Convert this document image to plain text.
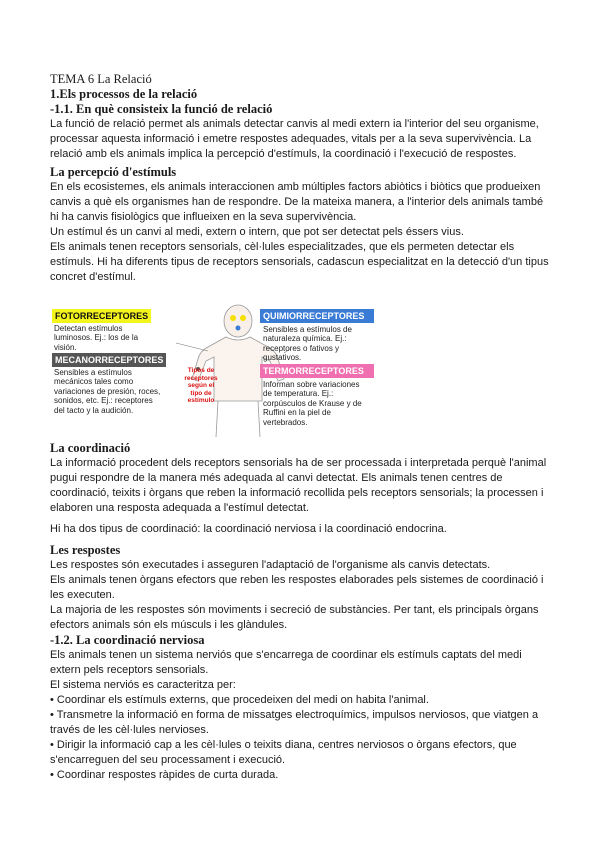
TEMA 6 La Relació
1.Els processos de la relació
-1.1. En què consisteix la funció de relació

La funció de relació permet als animals detectar canvis al medi extern ia l'interior del seu organisme,

processar aquesta informació i emetre respostes adequades, vitals per a la seva supervivència. La

relació amb els animals implica la percepció d'estímuls, la coordinació i l'execució de respostes.

La percepció d'estímuls

En els ecosistemes, els animals interaccionen amb múltiples factors abiòtics i biòtics que produeixen

canvis a què els organismes han de respondre. De la mateixa manera, a l'interior dels animals també

hi ha canvis fisiològics que influeixen en la seva supervivència.

Un estímul és un canvi al medi, extern o intern, que pot ser detectat pels éssers vius.

Els animals tenen receptors sensorials, cèl·lules especialitzades, que els permeten detectar els

estímuls. Hi ha diferents tipus de receptors sensorials, cadascun especialitzat en la detecció d'un tipus

concret d'estímul.

FOTORRECEPTORES
Detectan estímulos
luminosos. Ej.: los de la
visión.
MECANORRECEPTORES
Sensibles a estímulos
mecánicos tales como
variaciones de presión, roces,
sonidos, etc. Ej.: receptores
del tacto y la audición.
Tipos de
receptores
según el
tipo de
estímulo
QUIMIORRECEPTORES
Sensibles a estímulos de
naturaleza química. Ej.:
receptores o fativos y
gustativos.
TERMORRECEPTORES
Informan sobre variaciones
de temperatura. Ej.:
corpúsculos de Krause y de
Ruffini en la piel de
vertebrados.
La coordinació

La informació procedent dels receptors sensorials ha de ser processada i interpretada perquè l'animal

pugui respondre de la manera més adequada al canvi detectat. Els animals tenen centres de

coordinació, teixits i òrgans que reben la informació recollida pels receptors sensorials; la processen i

elaboren una resposta adequada a l'estímul detectat.

Hi ha dos tipus de coordinació: la coordinació nerviosa i la coordinació endocrina.

Les respostes

Les respostes són executades i asseguren l'adaptació de l'organisme als canvis detectats.

Els animals tenen òrgans efectors que reben les respostes elaborades pels sistemes de coordinació i

les executen.

La majoria de les respostes són moviments i secreció de substàncies. Per tant, els principals òrgans

efectors animals són els músculs i les glàndules.

-1.2. La coordinació nerviosa

Els animals tenen un sistema nerviós que s'encarrega de coordinar els estímuls captats del medi

extern pels receptors sensorials.

El sistema nerviós es caracteritza per:

• Coordinar els estímuls externs, que procedeixen del medi on habita l'animal.

• Transmetre la informació en forma de missatges electroquímics, impulsos nerviosos, que viatgen a

través de les cèl·lules nervioses.

• Dirigir la informació cap a les cèl·lules o teixits diana, centres nerviosos o òrgans efectors, que

s'encarreguen del seu processament i execució.

• Coordinar respostes ràpides de curta durada.
